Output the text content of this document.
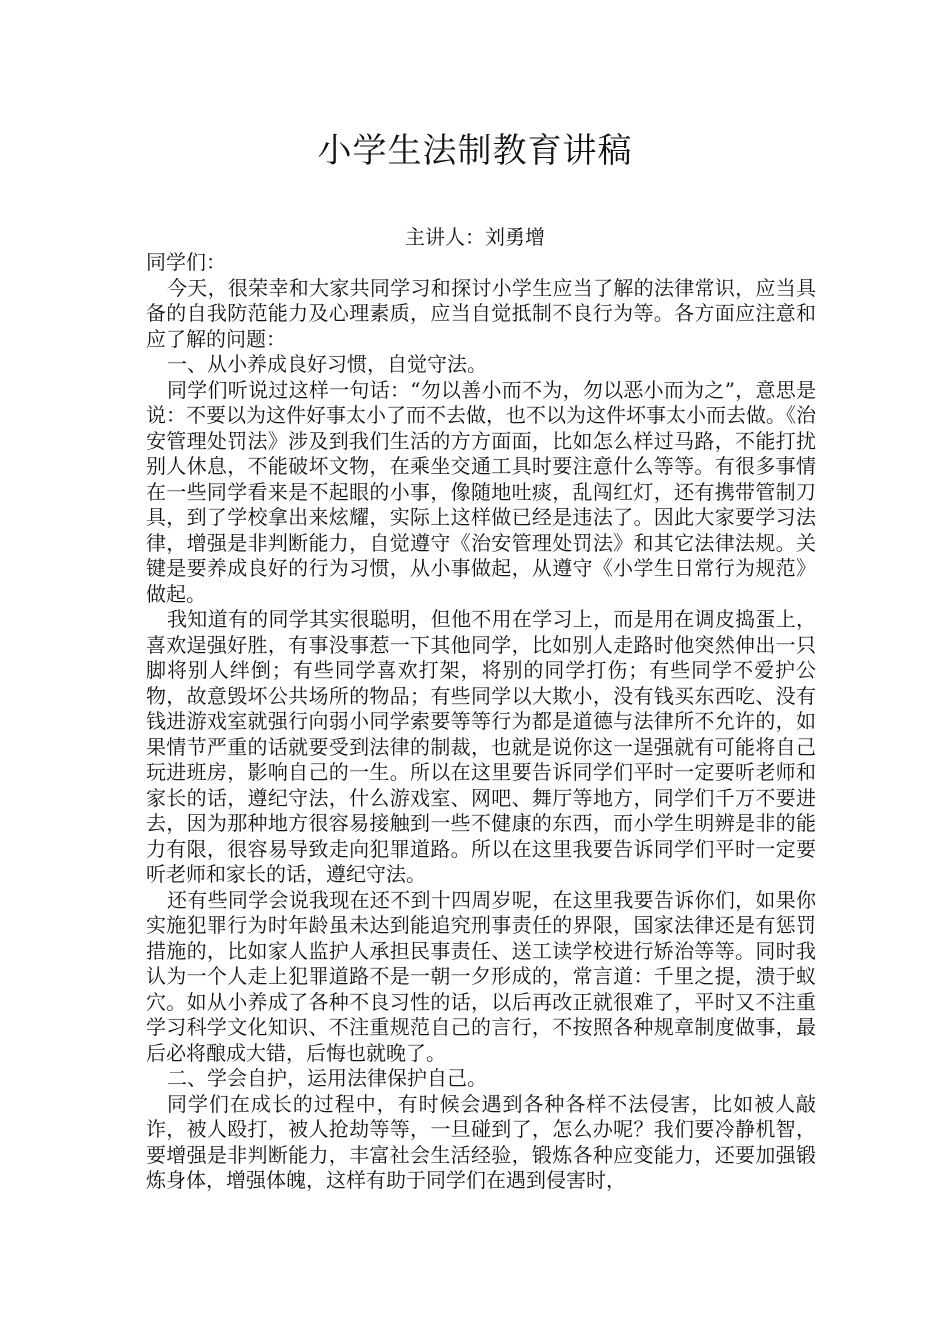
小学生法制教育讲稿
主讲人：刘勇增

同学们：

今天，很荣幸和大家共同学习和探讨小学生应当了解的法律常识，应当具备的自我防范能力及心理素质，应当自觉抵制不良行为等。各方面应注意和应了解的问题：

一、从小养成良好习惯，自觉守法。

同学们听说过这样一句话：“勿以善小而不为，勿以恶小而为之”，意思是说：不要以为这件好事太小了而不去做，也不以为这件坏事太小而去做。《治安管理处罚法》涉及到我们生活的方方面面，比如怎么样过马路，不能打扰别人休息，不能破坏文物，在乘坐交通工具时要注意什么等等。有很多事情在一些同学看来是不起眼的小事，像随地吐痰，乱闯红灯，还有携带管制刀具，到了学校拿出来炫耀，实际上这样做已经是违法了。因此大家要学习法律，增强是非判断能力，自觉遵守《治安管理处罚法》和其它法律法规。关键是要养成良好的行为习惯，从小事做起，从遵守《小学生日常行为规范》做起。

我知道有的同学其实很聪明，但他不用在学习上，而是用在调皮捣蛋上，喜欢逞强好胜，有事没事惹一下其他同学，比如别人走路时他突然伸出一只脚将别人绊倒；有些同学喜欢打架，将别的同学打伤；有些同学不爱护公物，故意毁坏公共场所的物品；有些同学以大欺小，没有钱买东西吃、没有钱进游戏室就强行向弱小同学索要等等行为都是道德与法律所不允许的，如果情节严重的话就要受到法律的制裁，也就是说你这一逞强就有可能将自己玩进班房，影响自己的一生。所以在这里要告诉同学们平时一定要听老师和家长的话，遵纪守法，什么游戏室、网吧、舞厅等地方，同学们千万不要进去，因为那种地方很容易接触到一些不健康的东西，而小学生明辨是非的能力有限，很容易导致走向犯罪道路。所以在这里我要告诉同学们平时一定要听老师和家长的话，遵纪守法。

还有些同学会说我现在还不到十四周岁呢，在这里我要告诉你们，如果你实施犯罪行为时年龄虽未达到能追究刑事责任的界限，国家法律还是有惩罚措施的，比如家人监护人承担民事责任、送工读学校进行矫治等等。同时我认为一个人走上犯罪道路不是一朝一夕形成的，常言道：千里之提，溃于蚁穴。如从小养成了各种不良习性的话，以后再改正就很难了，平时又不注重学习科学文化知识、不注重规范自己的言行，不按照各种规章制度做事，最后必将酿成大错，后悔也就晚了。

二、学会自护，运用法律保护自己。

同学们在成长的过程中，有时候会遇到各种各样不法侵害，比如被人敲诈，被人殴打，被人抢劫等等，一旦碰到了，怎么办呢？我们要冷静机智，要增强是非判断能力，丰富社会生活经验，锻炼各种应变能力，还要加强锻炼身体，增强体魄，这样有助于同学们在遇到侵害时，
